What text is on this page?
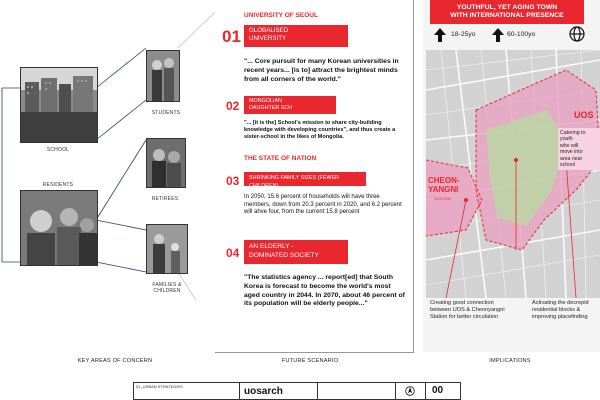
SCHOOL
RESIDENTS
STUDENTS
RETIREES
FAMILIES & CHILDREN
UNIVERSITY OF SEOUL
01	GLOBALISED
UNIVERSITY
"... Core pursuit for many Korean universities in recent years... [is to] attract the brightest minds from all corners of the world."
02	MONGOLIAN
DAUGHTER SCH
"... [it is the] School's mission to share city-building knowledge with developing countries", and thus create a sister-school in the likes of Mongolia.
THE STATE OF NATION
03	SHRINKING FAMILY SIZES (FEWER CHILDREN)
In 2050, 15.6 percent of households will have three members, down from 20.3 percent in 2020, and 6.2 percent will ahve four, from the current 15.8 percent
04	AN ELDERLY -
DOMINATED SOCIETY
"The statistics agency ... report[ed] that South Korea is forecast to become the world's most aged country in 2044. In 2070, about 46 percent of its population will be elderly people..."
YOUTHFUL, YET AGING TOWN
WITH INTERNATIONAL PRESENCE
18-25yo	60-100yo
UOS
CHEON-
YANGNI
STATION
Catering to
youth
who will
move into
area near
school
Creating good connection between UOS & Cheonyangni Station for better circulation
Activating the decrepid residential blocks & improving placefinding
KEY AREAS OF CONCERN	FUTURE SCENARIO	IMPLICATIONS
01_URBAN STRATEGIES	uosarch	00
